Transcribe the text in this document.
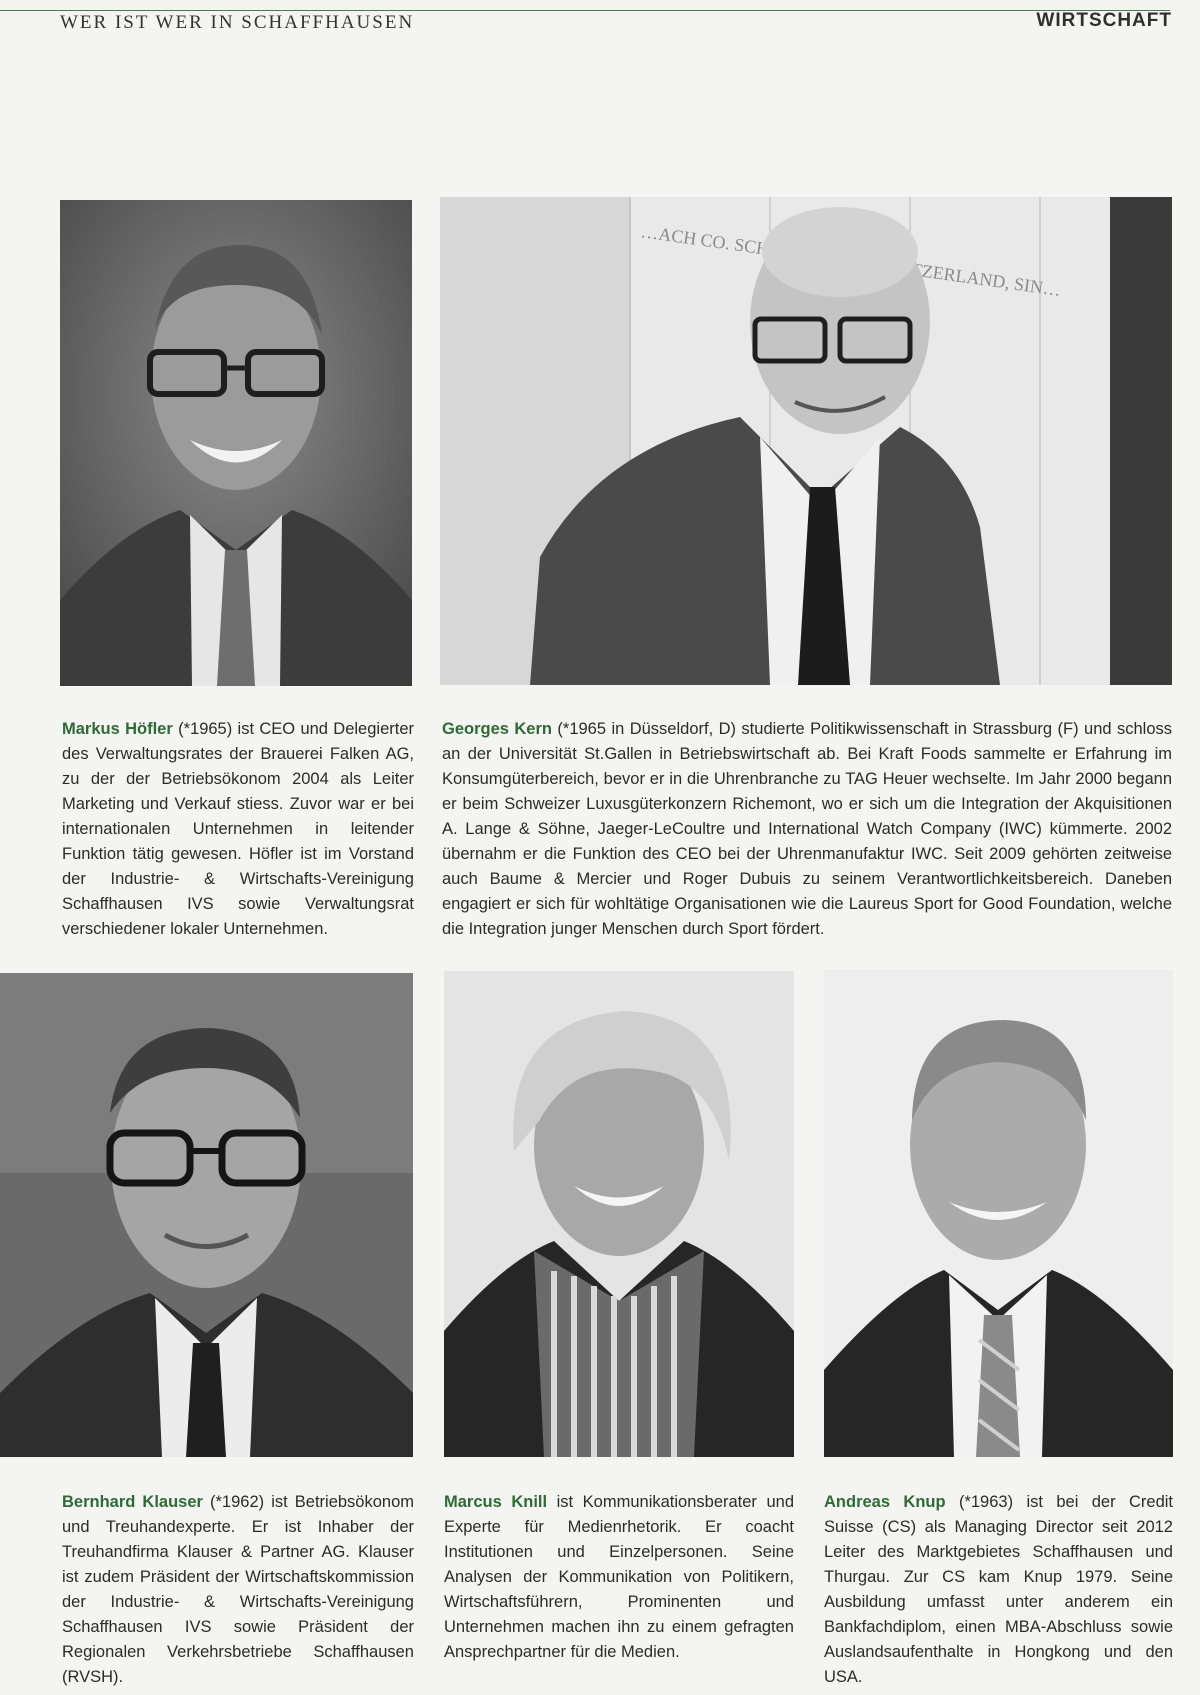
WER IST WER IN SCHAFFHAUSEN	WIRTSCHAFT
…ACH CO. SWITZERLAND, SIN…
Markus Höfler (*1965) ist CEO und Delegierter des Verwaltungsrates der Brauerei Falken AG, zu der der Betriebsökonom 2004 als Leiter Marketing und Verkauf stiess. Zuvor war er bei internationalen Unternehmen in leitender Funktion tätig gewesen. Höfler ist im Vorstand der Industrie- & Wirtschafts-Vereinigung Schaffhausen IVS sowie Verwaltungsrat verschiedener lokaler Unternehmen.
Georges Kern (*1965 in Düsseldorf, D) studierte Politikwissenschaft in Strassburg (F) und schloss an der Universität St.Gallen in Betriebswirtschaft ab. Bei Kraft Foods sammelte er Erfahrung im Konsumgüterbereich, bevor er in die Uhrenbranche zu TAG Heuer wechselte. Im Jahr 2000 begann er beim Schweizer Luxusgüterkonzern Richemont, wo er sich um die Integration der Akquisitionen A. Lange & Söhne, Jaeger-LeCoultre und International Watch Company (IWC) kümmerte. 2002 übernahm er die Funktion des CEO bei der Uhrenmanufaktur IWC. Seit 2009 gehörten zeitweise auch Baume & Mercier und Roger Dubuis zu seinem Verantwortlichkeitsbereich. Daneben engagiert er sich für wohltätige Organisationen wie die Laureus Sport for Good Foundation, welche die Integration junger Menschen durch Sport fördert.
Bernhard Klauser (*1962) ist Betriebsökonom und Treuhandexperte. Er ist Inhaber der Treuhandfirma Klauser & Partner AG. Klauser ist zudem Präsident der Wirtschaftskommission der Industrie- & Wirtschafts-Vereinigung Schaffhausen IVS sowie Präsident der Regionalen Verkehrsbetriebe Schaffhausen (RVSH).
Marcus Knill ist Kommunikationsberater und Experte für Medienrhetorik. Er coacht Institutionen und Einzelpersonen. Seine Analysen der Kommunikation von Politikern, Wirtschaftsführern, Prominenten und Unternehmen machen ihn zu einem gefragten Ansprechpartner für die Medien.
Andreas Knup (*1963) ist bei der Credit Suisse (CS) als Managing Director seit 2012 Leiter des Marktgebietes Schaffhausen und Thurgau. Zur CS kam Knup 1979. Seine Ausbildung umfasst unter anderem ein Bankfachdiplom, einen MBA-Abschluss sowie Auslandsaufenthalte in Hongkong und den USA.
